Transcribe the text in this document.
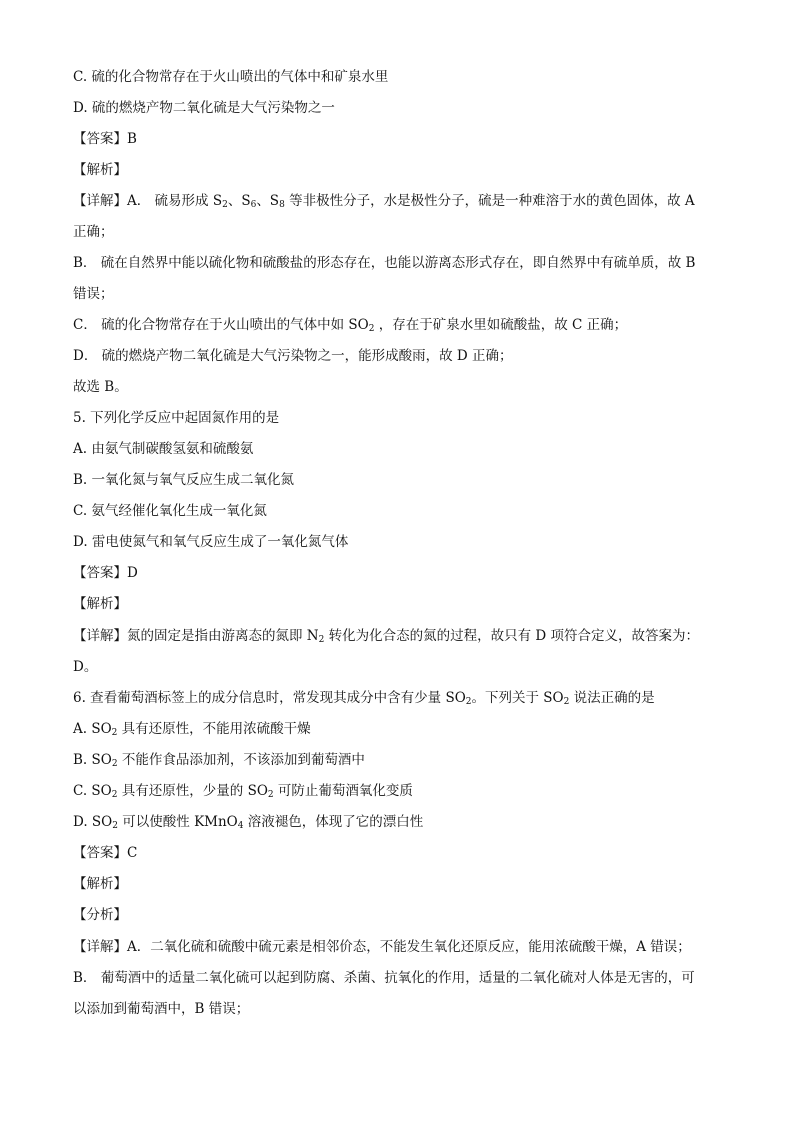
C. 硫的化合物常存在于火山喷出的气体中和矿泉水里
D. 硫的燃烧产物二氧化硫是大气污染物之一
【答案】B
【解析】
【详解】A． 硫易形成 $S_2$、$S_6$、$S_8$ 等非极性分子，水是极性分子，硫是一种难溶于水的黄色固体，故 A
正确；
B． 硫在自然界中能以硫化物和硫酸盐的形态存在，也能以游离态形式存在，即自然界中有硫单质，故 B
错误；
C． 硫的化合物常存在于火山喷出的气体中如 $SO_2$ ，存在于矿泉水里如硫酸盐，故 C 正确；
D． 硫的燃烧产物二氧化硫是大气污染物之一，能形成酸雨，故 D 正确；
故选 B。
5. 下列化学反应中起固氮作用的是
A. 由氨气制碳酸氢氨和硫酸氨
B. 一氧化氮与氧气反应生成二氧化氮
C. 氨气经催化氧化生成一氧化氮
D. 雷电使氮气和氧气反应生成了一氧化氮气体
【答案】D
【解析】
【详解】氮的固定是指由游离态的氮即 $N_2$ 转化为化合态的氮的过程，故只有 D 项符合定义，故答案为：
D。
6. 查看葡萄酒标签上的成分信息时，常发现其成分中含有少量 $SO_2$。下列关于 $SO_2$ 说法正确的是
A. $SO_2$ 具有还原性，不能用浓硫酸干燥
B. $SO_2$ 不能作食品添加剂，不该添加到葡萄酒中
C. $SO_2$ 具有还原性，少量的 $SO_2$ 可防止葡萄酒氧化变质
D. $SO_2$ 可以使酸性 KMnO$_4$ 溶液褪色，体现了它的漂白性
【答案】C
【解析】
【分析】
【详解】A．二氧化硫和硫酸中硫元素是相邻价态，不能发生氧化还原反应，能用浓硫酸干燥，A 错误；
B． 葡萄酒中的适量二氧化硫可以起到防腐、杀菌、抗氧化的作用，适量的二氧化硫对人体是无害的，可
以添加到葡萄酒中，B 错误；
